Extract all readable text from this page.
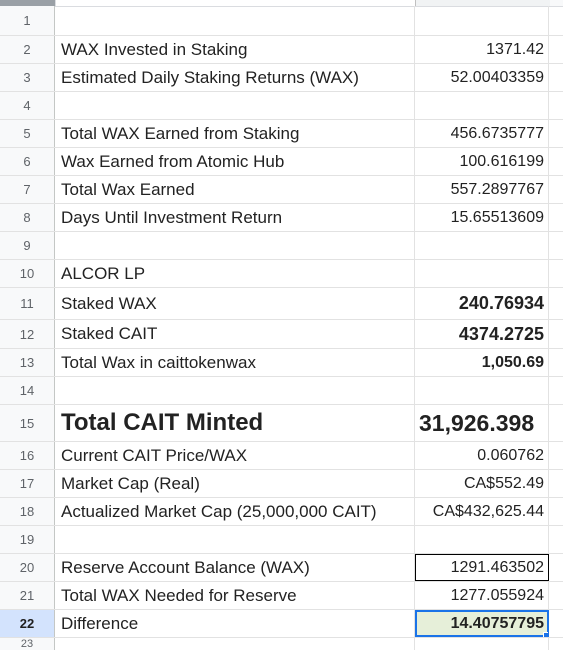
1
2	WAX Invested in Staking	1371.42
3	Estimated Daily Staking Returns (WAX)	52.00403359
4
5	Total WAX Earned from Staking	456.6735777
6	Wax Earned from Atomic Hub	100.616199
7	Total Wax Earned	557.2897767
8	Days Until Investment Return	15.65513609
9
10	ALCOR LP
11	Staked WAX	240.76934
12	Staked CAIT	4374.2725
13	Total Wax in caittokenwax	1,050.69
14
15	Total CAIT Minted	31,926.398
16	Current CAIT Price/WAX	0.060762
17	Market Cap (Real)	CA$552.49
18	Actualized Market Cap (25,000,000 CAIT)	CA$432,625.44
19
20	Reserve Account Balance (WAX)	1291.463502
21	Total WAX Needed for Reserve	1277.055924
22	Difference	14.40757795
23
